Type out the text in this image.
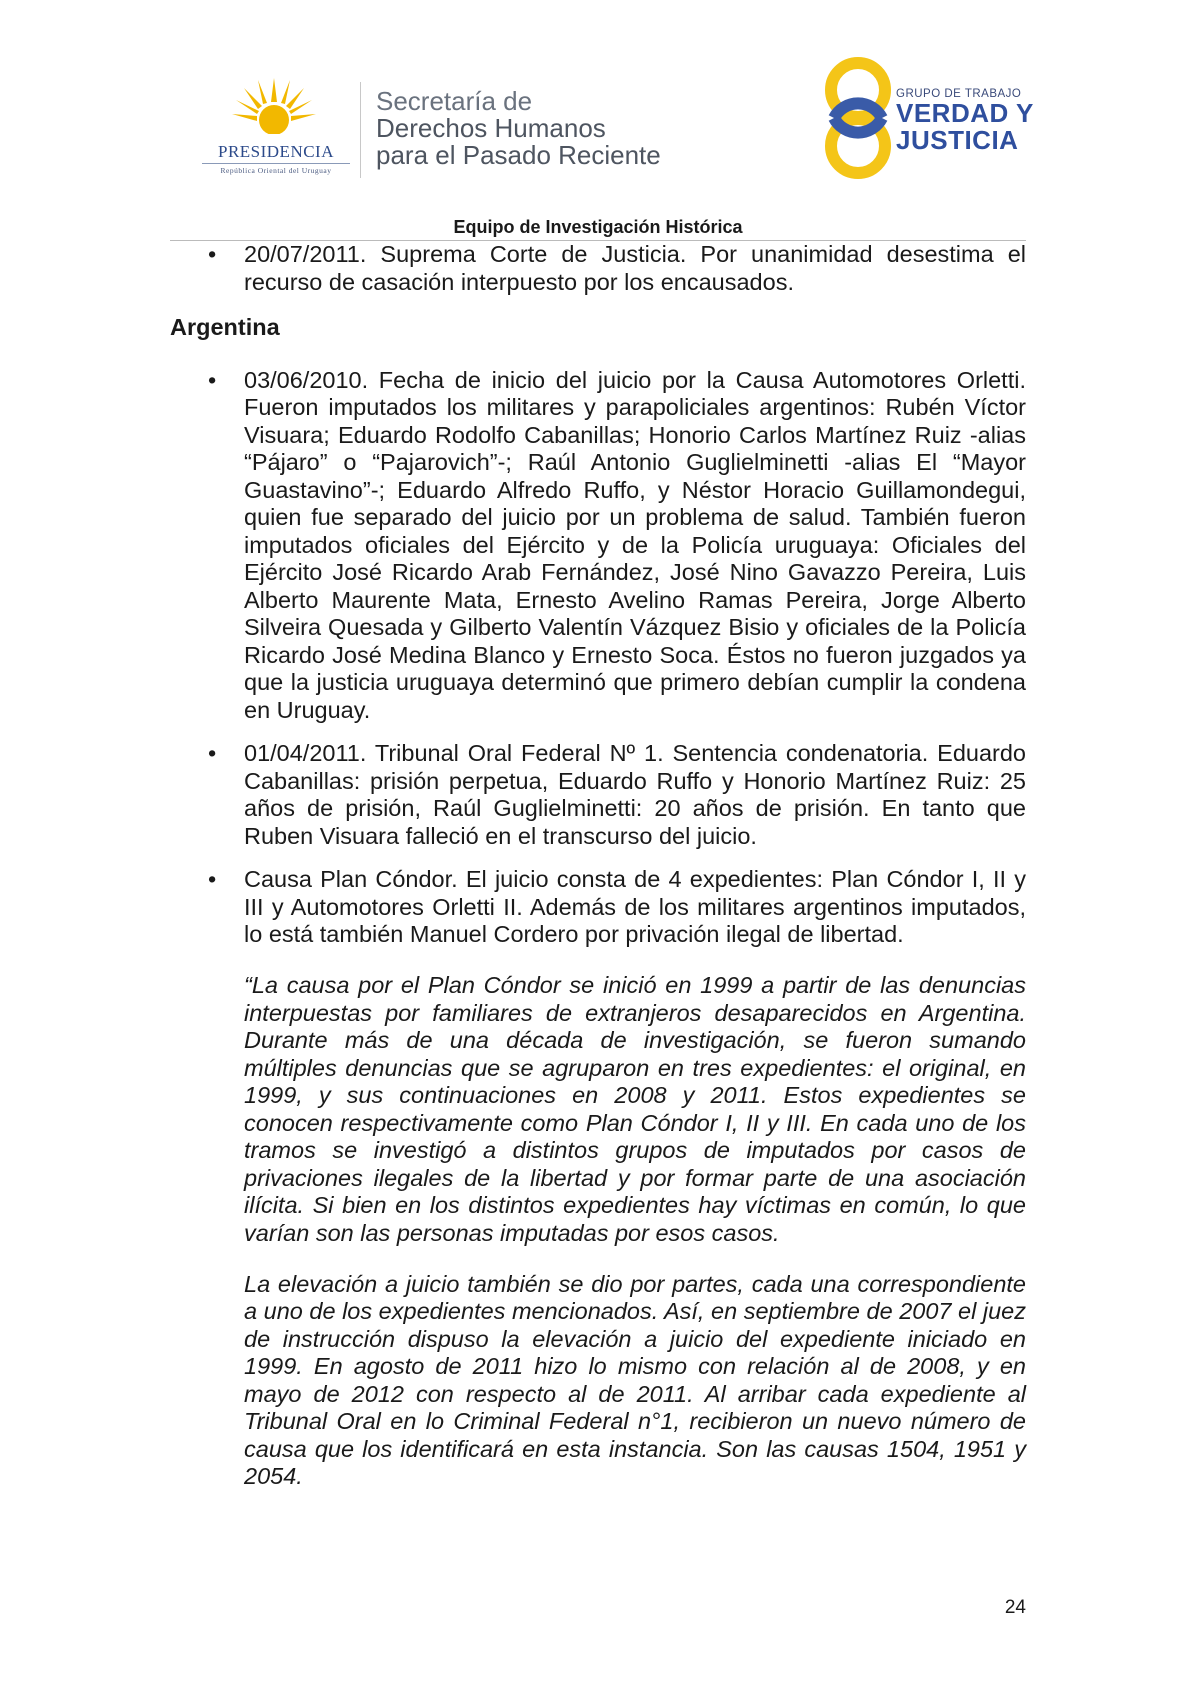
PRESIDENCIA
República Oriental del Uruguay
Secretaría de
Derechos Humanos
para el Pasado Reciente
GRUPO DE TRABAJO
VERDAD Y
JUSTICIA
Equipo de Investigación Histórica
• 20/07/2011. Suprema Corte de Justicia. Por unanimidad desestima el recurso de casación interpuesto por los encausados.
Argentina
• 03/06/2010. Fecha de inicio del juicio por la Causa Automotores Orletti. Fueron imputados los militares y parapoliciales argentinos: Rubén Víctor Visuara; Eduardo Rodolfo Cabanillas; Honorio Carlos Martínez Ruiz -alias “Pájaro” o “Pajarovich”-; Raúl Antonio Guglielminetti -alias El “Mayor Guastavino”-; Eduardo Alfredo Ruffo, y Néstor Horacio Guillamondegui, quien fue separado del juicio por un problema de salud. También fueron imputados oficiales del Ejército y de la Policía uruguaya: Oficiales del Ejército José Ricardo Arab Fernández, José Nino Gavazzo Pereira, Luis Alberto Maurente Mata, Ernesto Avelino Ramas Pereira, Jorge Alberto Silveira Quesada y Gilberto Valentín Vázquez Bisio y oficiales de la Policía Ricardo José Medina Blanco y Ernesto Soca. Éstos no fueron juzgados ya que la justicia uruguaya determinó que primero debían cumplir la condena en Uruguay.
• 01/04/2011. Tribunal Oral Federal Nº 1. Sentencia condenatoria. Eduardo Cabanillas: prisión perpetua, Eduardo Ruffo y Honorio Martínez Ruiz: 25 años de prisión, Raúl Guglielminetti: 20 años de prisión. En tanto que Ruben Visuara falleció en el transcurso del juicio.
• Causa Plan Cóndor. El juicio consta de 4 expedientes: Plan Cóndor I, II y III y Automotores Orletti II. Además de los militares argentinos imputados, lo está también Manuel Cordero por privación ilegal de libertad.

“La causa por el Plan Cóndor se inició en 1999 a partir de las denuncias interpuestas por familiares de extranjeros desaparecidos en Argentina. Durante más de una década de investigación, se fueron sumando múltiples denuncias que se agruparon en tres expedientes: el original, en 1999, y sus continuaciones en 2008 y 2011. Estos expedientes se conocen respectivamente como Plan Cóndor I, II y III. En cada uno de los tramos se investigó a distintos grupos de imputados por casos de privaciones ilegales de la libertad y por formar parte de una asociación ilícita. Si bien en los distintos expedientes hay víctimas en común, lo que varían son las personas imputadas por esos casos.

La elevación a juicio también se dio por partes, cada una correspondiente a uno de los expedientes mencionados. Así, en septiembre de 2007 el juez de instrucción dispuso la elevación a juicio del expediente iniciado en 1999. En agosto de 2011 hizo lo mismo con relación al de 2008, y en mayo de 2012 con respecto al de 2011. Al arribar cada expediente al Tribunal Oral en lo Criminal Federal n°1, recibieron un nuevo número de causa que los identificará en esta instancia. Son las causas 1504, 1951 y 2054.

24
